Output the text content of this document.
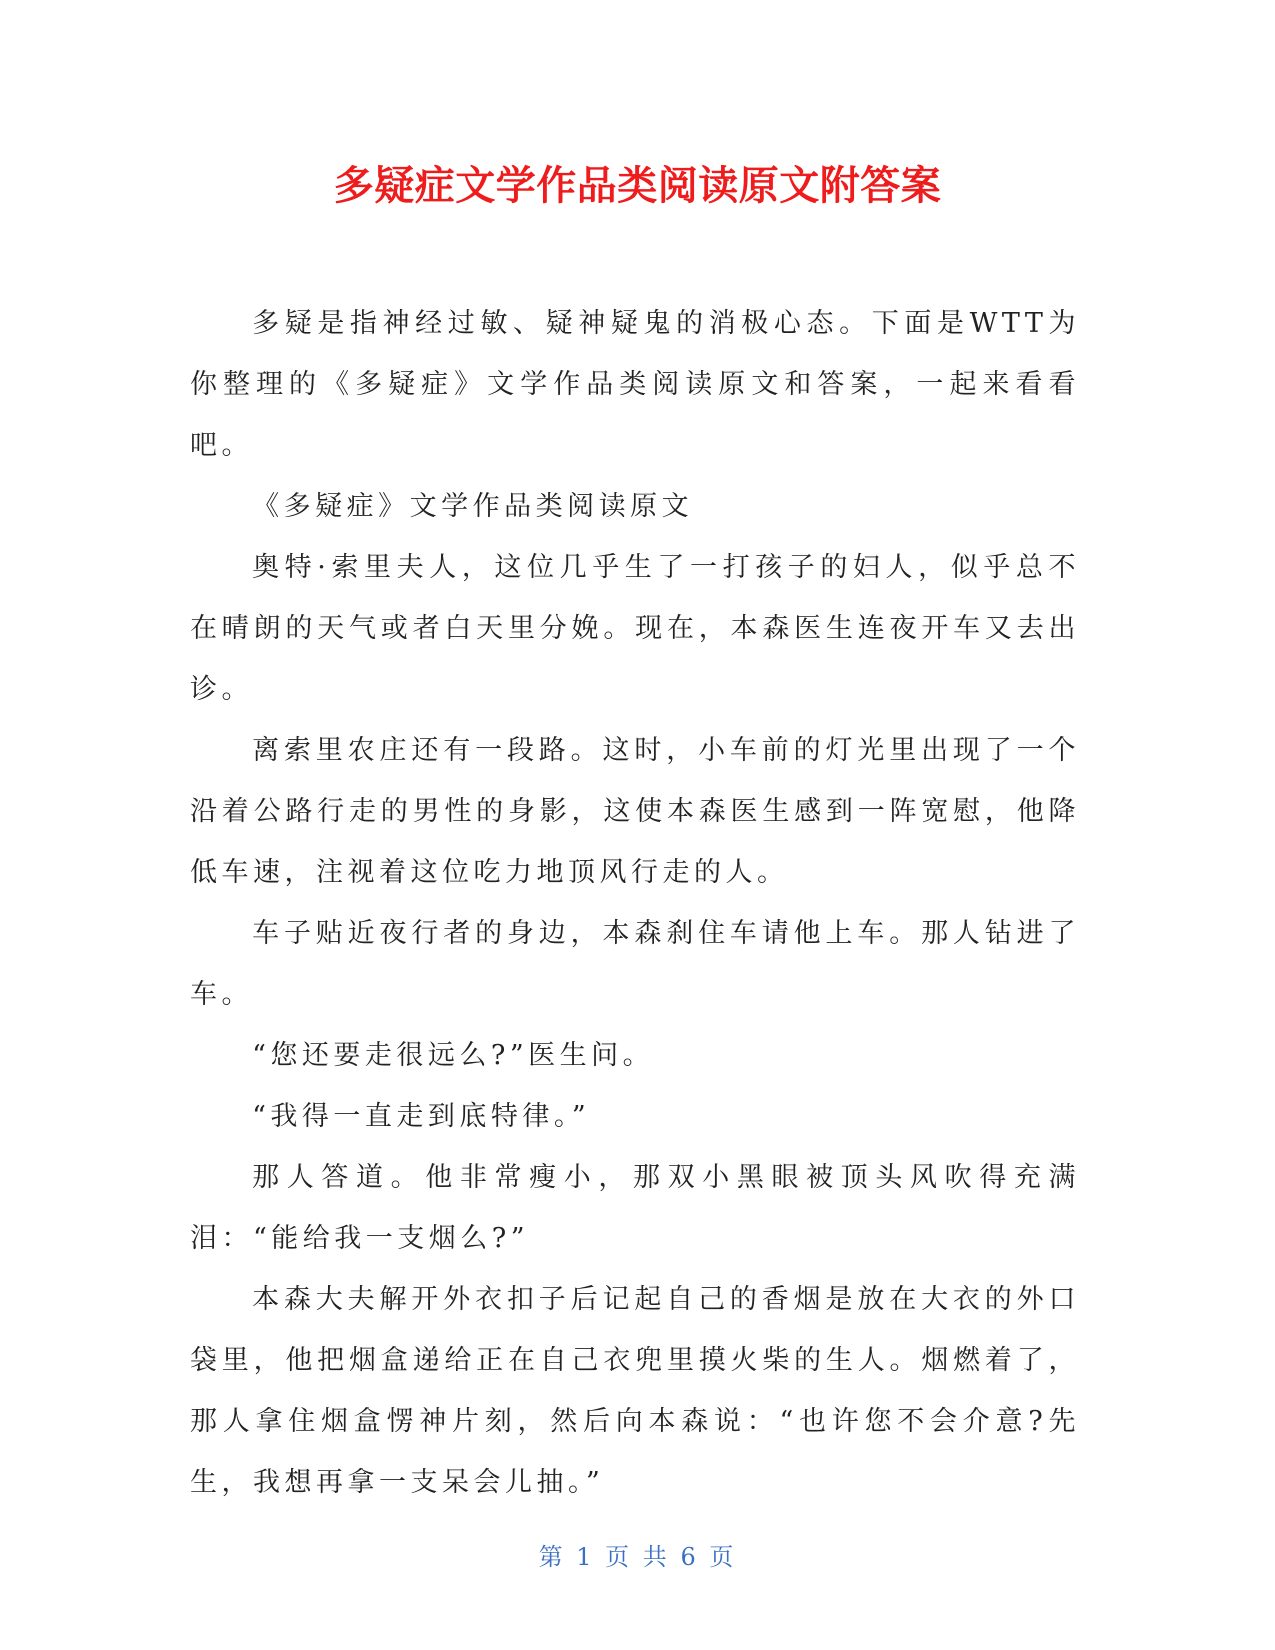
多疑症文学作品类阅读原文附答案

多疑是指神经过敏、疑神疑鬼的消极心态。下面是WTT为你整理的《多疑症》文学作品类阅读原文和答案，一起来看看吧。

《多疑症》文学作品类阅读原文

奥特·索里夫人，这位几乎生了一打孩子的妇人，似乎总不在晴朗的天气或者白天里分娩。现在，本森医生连夜开车又去出诊。

离索里农庄还有一段路。这时，小车前的灯光里出现了一个沿着公路行走的男性的身影，这使本森医生感到一阵宽慰，他降低车速，注视着这位吃力地顶风行走的人。

车子贴近夜行者的身边，本森刹住车请他上车。那人钻进了车。

“您还要走很远么?”医生问。

“我得一直走到底特律。”

那人答道。他非常瘦小，那双小黑眼被顶头风吹得充满泪：“能给我一支烟么?”

本森大夫解开外衣扣子后记起自己的香烟是放在大衣的外口袋里，他把烟盒递给正在自己衣兜里摸火柴的生人。烟燃着了，那人拿住烟盒愣神片刻，然后向本森说：“也许您不会介意?先生，我想再拿一支呆会儿抽。”

第 1 页 共 6 页
